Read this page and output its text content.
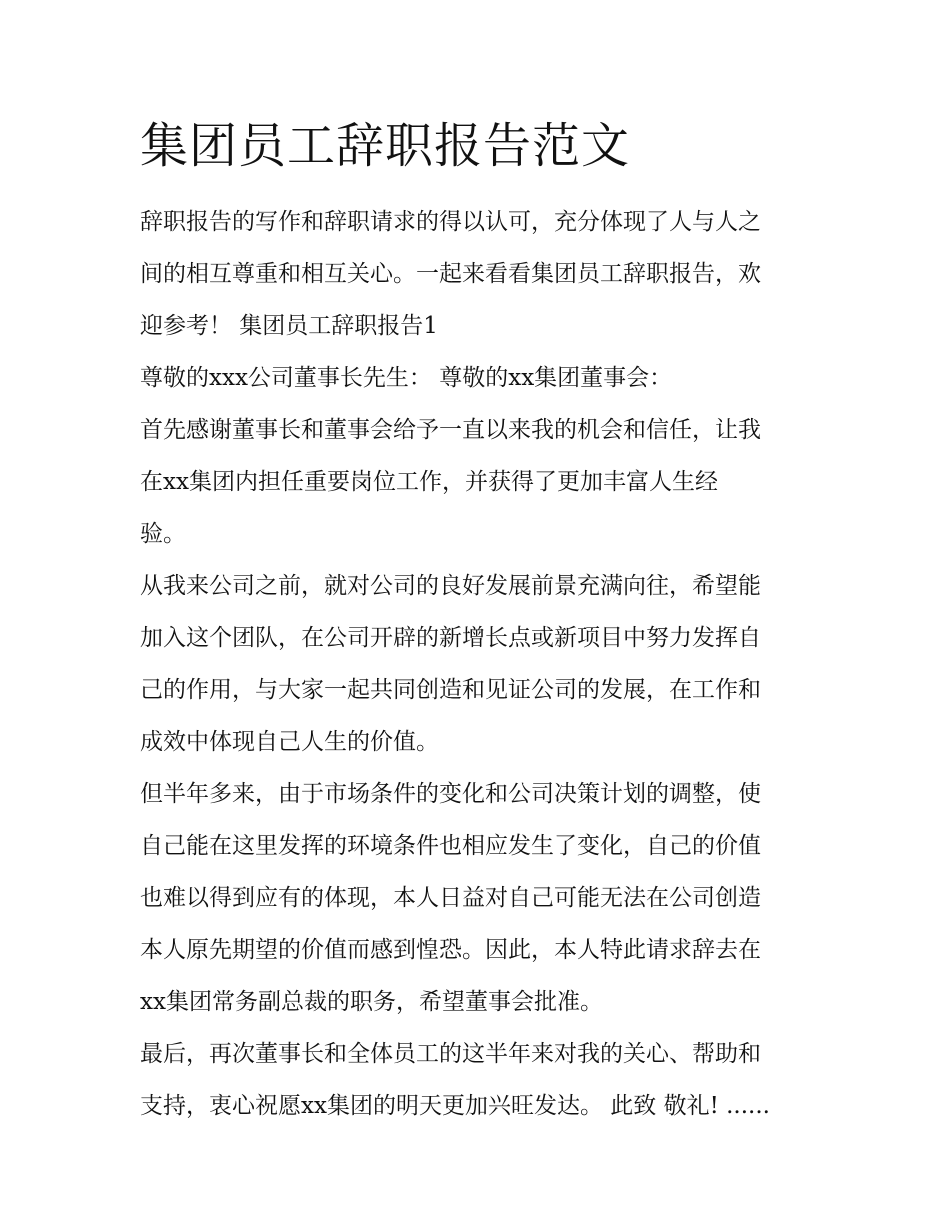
集团员工辞职报告范文

辞职报告的写作和辞职请求的得以认可，充分体现了人与人之
间的相互尊重和相互关心。一起来看看集团员工辞职报告，欢
迎参考！ 集团员工辞职报告1

尊敬的xxx公司董事长先生： 尊敬的xx集团董事会：

首先感谢董事长和董事会给予一直以来我的机会和信任，让我
在xx集团内担任重要岗位工作，并获得了更加丰富人生经
验。

从我来公司之前，就对公司的良好发展前景充满向往，希望能
加入这个团队，在公司开辟的新增长点或新项目中努力发挥自
己的作用，与大家一起共同创造和见证公司的发展，在工作和
成效中体现自己人生的价值。

但半年多来，由于市场条件的变化和公司决策计划的调整，使
自己能在这里发挥的环境条件也相应发生了变化，自己的价值
也难以得到应有的体现，本人日益对自己可能无法在公司创造
本人原先期望的价值而感到惶恐。因此，本人特此请求辞去在
xx集团常务副总裁的职务，希望董事会批准。

最后，再次董事长和全体员工的这半年来对我的关心、帮助和
支持，衷心祝愿xx集团的明天更加兴旺发达。 此致 敬礼! ......
